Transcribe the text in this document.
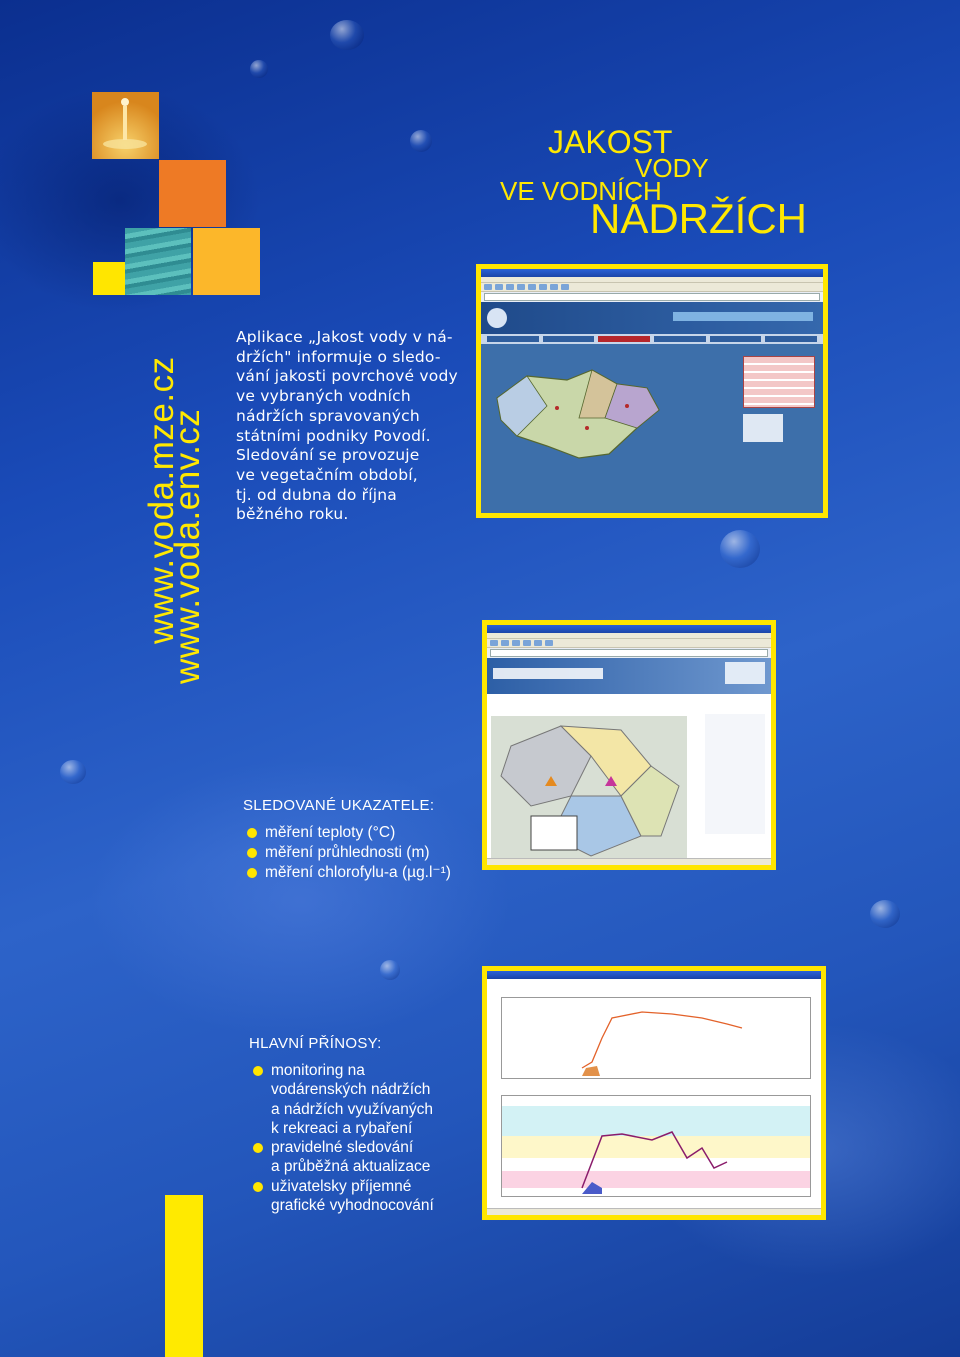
www.voda.mze.cz
www.voda.env.cz
JAKOST
VODY
VE VODNÍCH
NÁDRŽÍCH
Aplikace „Jakost vody v ná-
držích" informuje o sledo-
vání jakosti povrchové vody
ve vybraných vodních
nádržích spravovaných
státními podniky Povodí.
Sledování se provozuje
ve vegetačním období,
tj. od dubna do října
běžného roku.
SLEDOVANÉ UKAZATELE:
měření teploty (°C)
měření průhlednosti (m)
měření chlorofylu-a (µg.l⁻¹)
HLAVNÍ PŘÍNOSY:
monitoring na
vodárenských nádržích
a nádržích využívaných
k rekreaci a rybaření
pravidelné sledování
a průběžná aktualizace
uživatelsky příjemné
grafické vyhodnocování
